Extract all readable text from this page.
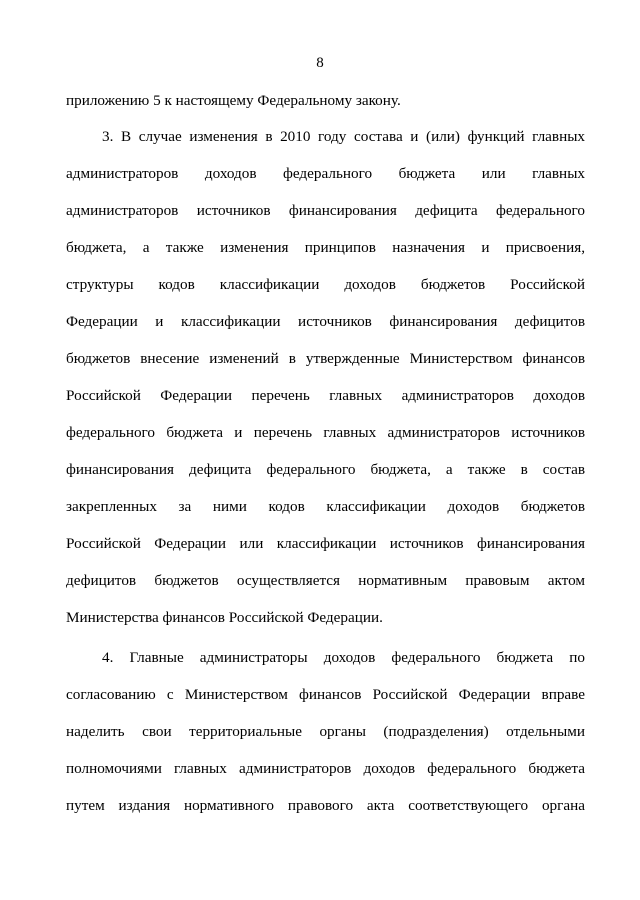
8
приложению 5 к настоящему Федеральному закону.
3. В случае изменения в 2010 году состава и (или) функций главных
администраторов доходов федерального бюджета или главных
администраторов источников финансирования дефицита федерального
бюджета, а также изменения принципов назначения и присвоения,
структуры кодов классификации доходов бюджетов Российской
Федерации и классификации источников финансирования дефицитов
бюджетов внесение изменений в утвержденные Министерством финансов
Российской Федерации перечень главных администраторов доходов
федерального бюджета и перечень главных администраторов источников
финансирования дефицита федерального бюджета, а также в состав
закрепленных за ними кодов классификации доходов бюджетов
Российской Федерации или классификации источников финансирования
дефицитов бюджетов осуществляется нормативным правовым актом
Министерства финансов Российской Федерации.
4. Главные администраторы доходов федерального бюджета по
согласованию с Министерством финансов Российской Федерации вправе
наделить свои территориальные органы (подразделения) отдельными
полномочиями главных администраторов доходов федерального бюджета
путем издания нормативного правового акта соответствующего органа
